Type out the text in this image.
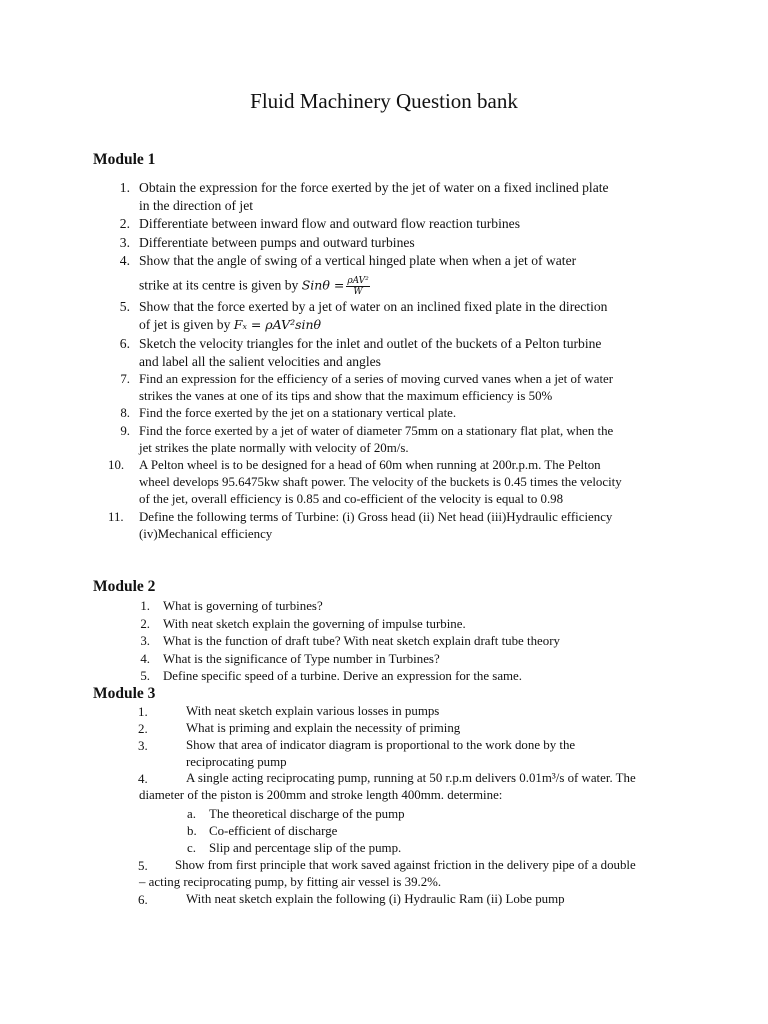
Fluid Machinery Question bank
Module 1
1. Obtain the expression for the force exerted by the jet of water on a fixed inclined plate
in the direction of jet
2. Differentiate between inward flow and outward flow reaction turbines
3. Differentiate between pumps and outward turbines
4. Show that the angle of swing of a vertical hinged plate when when a jet of water
strike at its centre is given by $Sin\theta = \frac{\text{ρAV²}}{W}$
5. Show that the force exerted by a jet of water on an inclined fixed plate in the direction
of jet is given by Fₓ = ρAV²sinθ
6. Sketch the velocity triangles for the inlet and outlet of the buckets of a Pelton turbine
and label all the salient velocities and angles
7. Find an expression for the efficiency of a series of moving curved vanes when a jet of water
strikes the vanes at one of its tips and show that the maximum efficiency is 50%
8. Find the force exerted by the jet on a stationary vertical plate.
9. Find the force exerted by a jet of water of diameter 75mm on a stationary flat plat, when the
jet strikes the plate normally with velocity of 20m/s.
10.	A Pelton wheel is to be designed for a head of 60m when running at 200r.p.m. The Pelton
wheel develops 95.6475kw shaft power. The velocity of the buckets is 0.45 times the velocity
of the jet, overall efficiency is 0.85 and co-efficient of the velocity is equal to 0.98
11.	Define the following terms of Turbine: (i) Gross head (ii) Net head (iii)Hydraulic efficiency
(iv)Mechanical efficiency
Module 2
1. What is governing of turbines?
2. With neat sketch explain the governing of impulse turbine.
3. What is the function of draft tube? With neat sketch explain draft tube theory
4. What is the significance of Type number in Turbines?
5. Define specific speed of a turbine. Derive an expression for the same.
Module 3
1.	With neat sketch explain various losses in pumps
2.	What is priming and explain the necessity of priming
3.	Show that area of indicator diagram is proportional to the work done by the
reciprocating pump
4.	A single acting reciprocating pump, running at 50 r.p.m delivers 0.01m³/s of water. The
diameter of the piston is 200mm and stroke length 400mm. determine:
a. The theoretical discharge of the pump
b. Co-efficient of discharge
c. Slip and percentage slip of the pump.
5. Show from first principle that work saved against friction in the delivery pipe of a double
– acting reciprocating pump, by fitting air vessel is 39.2%.
6.	With neat sketch explain the following (i) Hydraulic Ram (ii) Lobe pump
